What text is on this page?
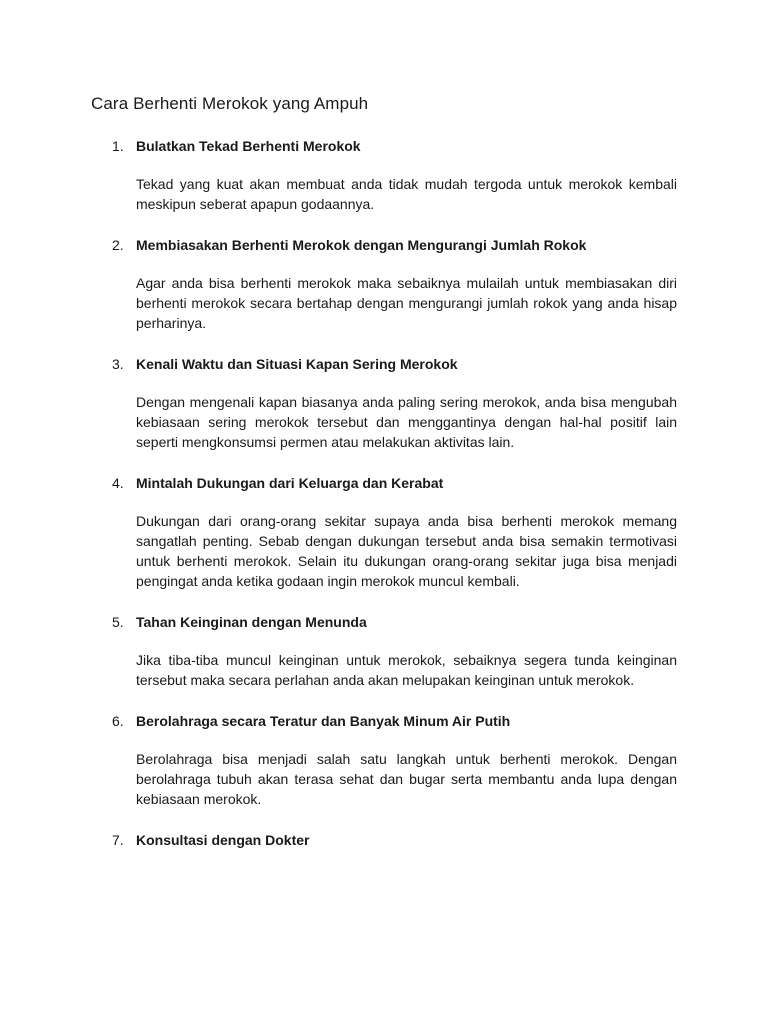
Cara Berhenti Merokok yang Ampuh
1. Bulatkan Tekad Berhenti Merokok

Tekad yang kuat akan membuat anda tidak mudah tergoda untuk merokok kembali meskipun seberat apapun godaannya.

2. Membiasakan Berhenti Merokok dengan Mengurangi Jumlah Rokok

Agar anda bisa berhenti merokok maka sebaiknya mulailah untuk membiasakan diri berhenti merokok secara bertahap dengan mengurangi jumlah rokok yang anda hisap perharinya.

3. Kenali Waktu dan Situasi Kapan Sering Merokok

Dengan mengenali kapan biasanya anda paling sering merokok, anda bisa mengubah kebiasaan sering merokok tersebut dan menggantinya dengan hal-hal positif lain seperti mengkonsumsi permen atau melakukan aktivitas lain.

4. Mintalah Dukungan dari Keluarga dan Kerabat

Dukungan dari orang-orang sekitar supaya anda bisa berhenti merokok memang sangatlah penting. Sebab dengan dukungan tersebut anda bisa semakin termotivasi untuk berhenti merokok. Selain itu dukungan orang-orang sekitar juga bisa menjadi pengingat anda ketika godaan ingin merokok muncul kembali.

5. Tahan Keinginan dengan Menunda

Jika tiba-tiba muncul keinginan untuk merokok, sebaiknya segera tunda keinginan tersebut maka secara perlahan anda akan melupakan keinginan untuk merokok.

6. Berolahraga secara Teratur dan Banyak Minum Air Putih

Berolahraga bisa menjadi salah satu langkah untuk berhenti merokok. Dengan berolahraga tubuh akan terasa sehat dan bugar serta membantu anda lupa dengan kebiasaan merokok.

7. Konsultasi dengan Dokter
